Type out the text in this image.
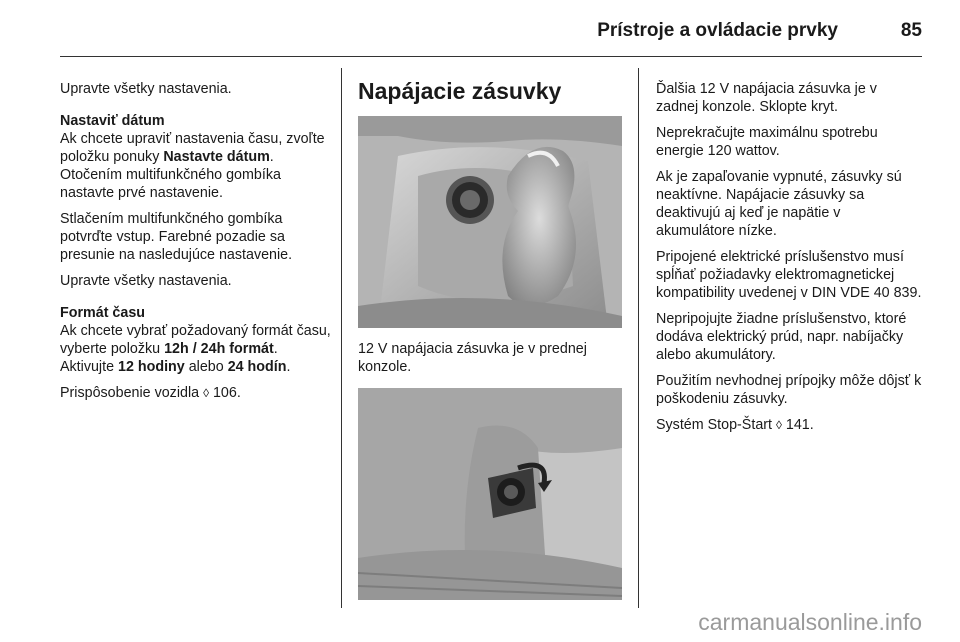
Prístroje a ovládacie prvky	85

Upravte všetky nastavenia.

Nastaviť dátum

Ak chcete upraviť nastavenia času, zvoľte položku ponuky Nastavte dátum. Otočením multifunkčného gombíka nastavte prvé nastavenie.

Stlačením multifunkčného gombíka potvrďte vstup. Farebné pozadie sa presunie na nasledujúce nastavenie.

Upravte všetky nastavenia.

Formát času

Ak chcete vybrať požadovaný formát času, vyberte položku 12h / 24h formát. Aktivujte 12 hodiny alebo 24 hodín.

Prispôsobenie vozidla ◊ 106.

Napájacie zásuvky

12 V napájacia zásuvka je v prednej konzole.

Ďalšia 12 V napájacia zásuvka je v zadnej konzole. Sklopte kryt.

Neprekračujte maximálnu spotrebu energie 120 wattov.

Ak je zapaľovanie vypnuté, zásuvky sú neaktívne. Napájacie zásuvky sa deaktivujú aj keď je napätie v akumulátore nízke.

Pripojené elektrické príslušenstvo musí spĺňať požiadavky elektromagnetickej kompatibility uvedenej v DIN VDE 40 839.

Nepripojujte žiadne príslušenstvo, ktoré dodáva elektrický prúd, napr. nabíjačky alebo akumulátory.

Použitím nevhodnej prípojky môže dôjsť k poškodeniu zásuvky.

Systém Stop-Štart ◊ 141.

carmanualsonline.info
